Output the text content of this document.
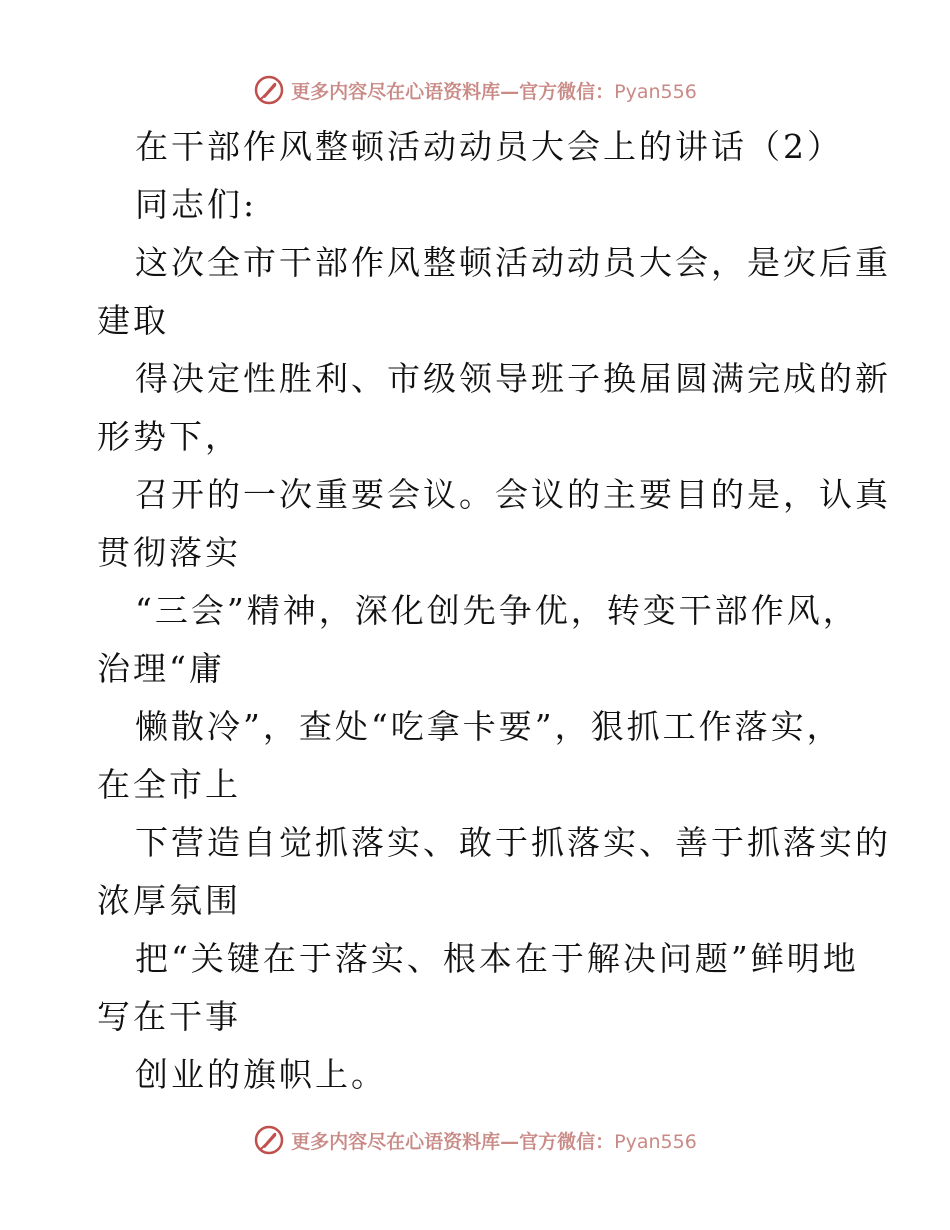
更多内容尽在心语资料库—官方微信：Pyan556
在干部作风整顿活动动员大会上的讲话（2）
同志们:
这次全市干部作风整顿活动动员大会，是灾后重
建取
得决定性胜利、市级领导班子换届圆满完成的新
形势下，
召开的一次重要会议。会议的主要目的是，认真
贯彻落实
“三会”精神，深化创先争优，转变干部作风，
治理“庸
懒散冷”，查处“吃拿卡要”，狠抓工作落实，
在全市上
下营造自觉抓落实、敢于抓落实、善于抓落实的
浓厚氛围
把“关键在于落实、根本在于解决问题”鲜明地
写在干事
创业的旗帜上。
更多内容尽在心语资料库—官方微信：Pyan556
